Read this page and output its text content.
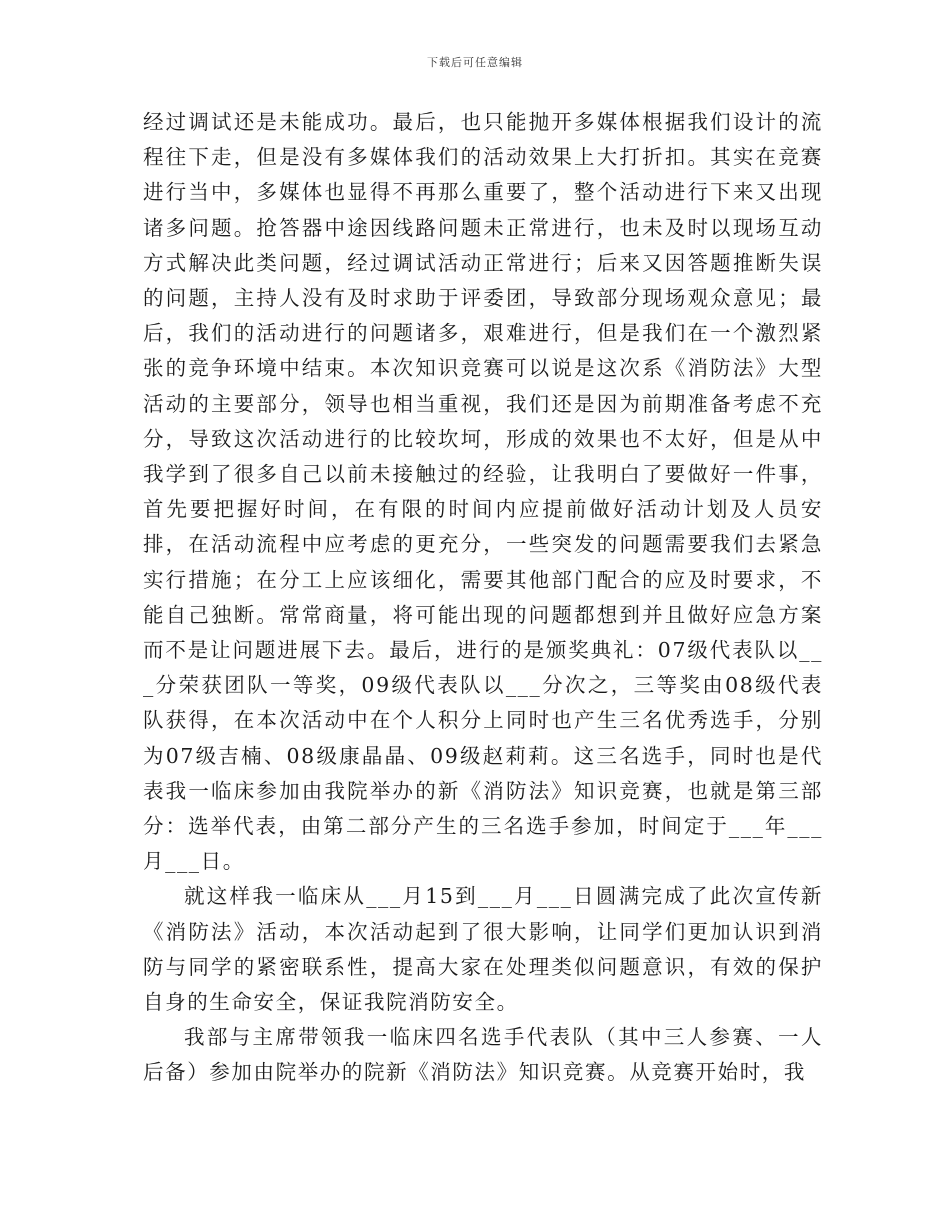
下载后可任意编辑

经过调试还是未能成功。最后，也只能抛开多媒体根据我们设计的流程往下走，但是没有多媒体我们的活动效果上大打折扣。其实在竞赛进行当中，多媒体也显得不再那么重要了，整个活动进行下来又出现诸多问题。抢答器中途因线路问题未正常进行，也未及时以现场互动方式解决此类问题，经过调试活动正常进行；后来又因答题推断失误的问题，主持人没有及时求助于评委团，导致部分现场观众意见；最后，我们的活动进行的问题诸多，艰难进行，但是我们在一个激烈紧张的竞争环境中结束。本次知识竞赛可以说是这次系《消防法》大型活动的主要部分，领导也相当重视，我们还是因为前期准备考虑不充分，导致这次活动进行的比较坎坷，形成的效果也不太好，但是从中我学到了很多自己以前未接触过的经验，让我明白了要做好一件事，首先要把握好时间，在有限的时间内应提前做好活动计划及人员安排，在活动流程中应考虑的更充分，一些突发的问题需要我们去紧急实行措施；在分工上应该细化，需要其他部门配合的应及时要求，不能自己独断。常常商量，将可能出现的问题都想到并且做好应急方案而不是让问题进展下去。最后，进行的是颁奖典礼：07级代表队以___分荣获团队一等奖，09级代表队以___分次之，三等奖由08级代表队获得，在本次活动中在个人积分上同时也产生三名优秀选手，分别为07级吉楠、08级康晶晶、09级赵莉莉。这三名选手，同时也是代表我一临床参加由我院举办的新《消防法》知识竞赛，也就是第三部分：选举代表，由第二部分产生的三名选手参加，时间定于___年___月___日。

就这样我一临床从___月15到___月___日圆满完成了此次宣传新《消防法》活动，本次活动起到了很大影响，让同学们更加认识到消防与同学的紧密联系性，提高大家在处理类似问题意识，有效的保护自身的生命安全，保证我院消防安全。

我部与主席带领我一临床四名选手代表队（其中三人参赛、一人后备）参加由院举办的院新《消防法》知识竞赛。从竞赛开始时，我
